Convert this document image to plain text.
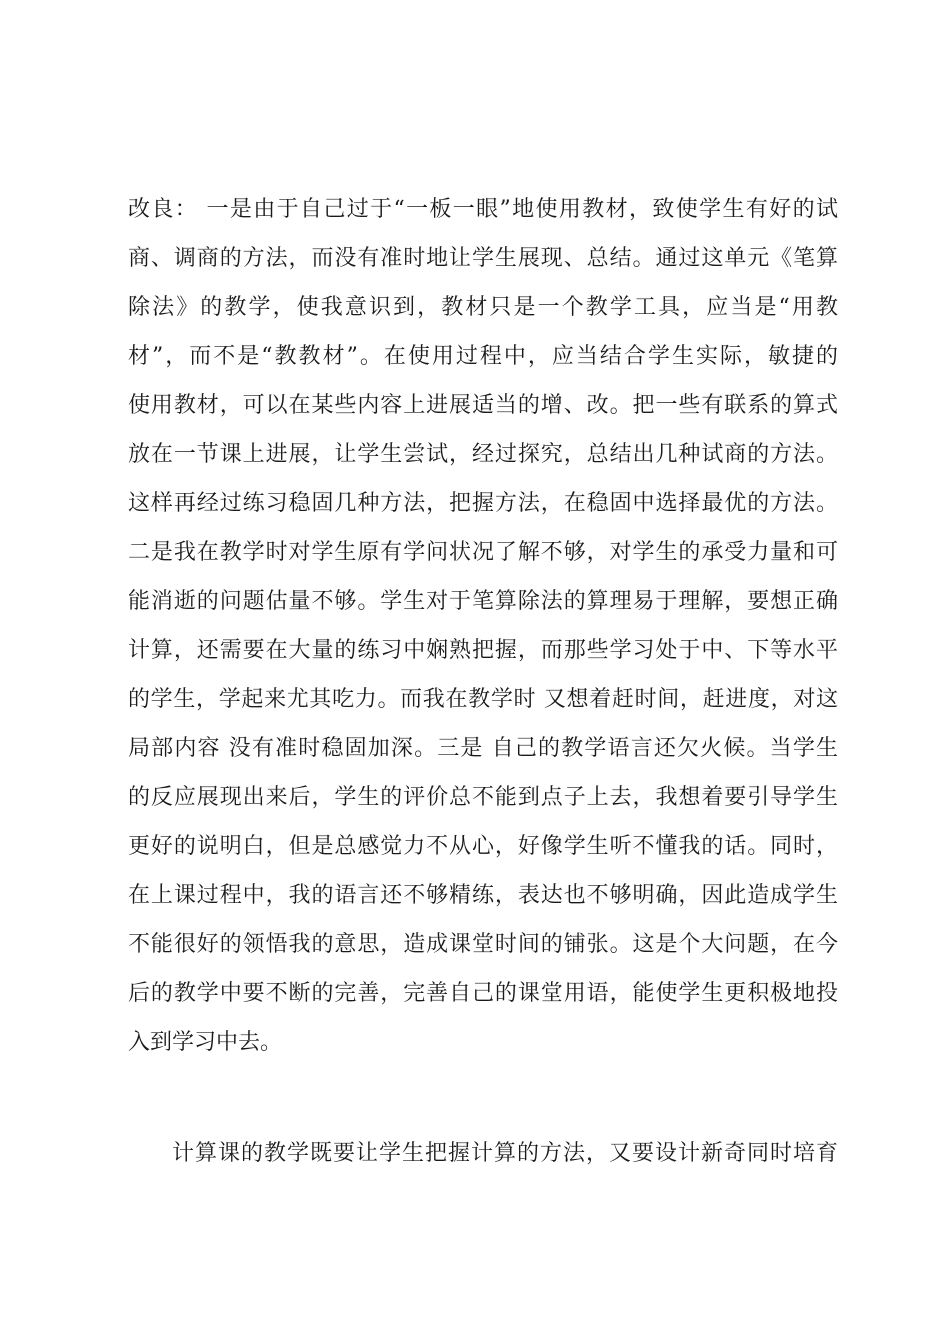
改良： 一是由于自己过于“一板一眼”地使用教材，致使学生有好的试
商、调商的方法，而没有准时地让学生展现、总结。通过这单元《笔算
除法》的教学，使我意识到，教材只是一个教学工具，应当是“用教
材”，而不是“教教材”。在使用过程中，应当结合学生实际，敏捷的
使用教材，可以在某些内容上进展适当的增、改。把一些有联系的算式
放在一节课上进展，让学生尝试，经过探究，总结出几种试商的方法。
这样再经过练习稳固几种方法，把握方法，在稳固中选择最优的方法。
二是我在教学时对学生原有学问状况了解不够，对学生的承受力量和可
能消逝的问题估量不够。学生对于笔算除法的算理易于理解，要想正确
计算，还需要在大量的练习中娴熟把握，而那些学习处于中、下等水平
的学生，学起来尤其吃力。而我在教学时 又想着赶时间，赶进度，对这
局部内容 没有准时稳固加深。三是 自己的教学语言还欠火候。当学生
的反应展现出来后，学生的评价总不能到点子上去，我想着要引导学生
更好的说明白，但是总感觉力不从心，好像学生听不懂我的话。同时，
在上课过程中，我的语言还不够精练，表达也不够明确，因此造成学生
不能很好的领悟我的意思，造成课堂时间的铺张。这是个大问题，在今
后的教学中要不断的完善，完善自己的课堂用语，能使学生更积极地投
入到学习中去。
计算课的教学既要让学生把握计算的方法，又要设计新奇同时培育
